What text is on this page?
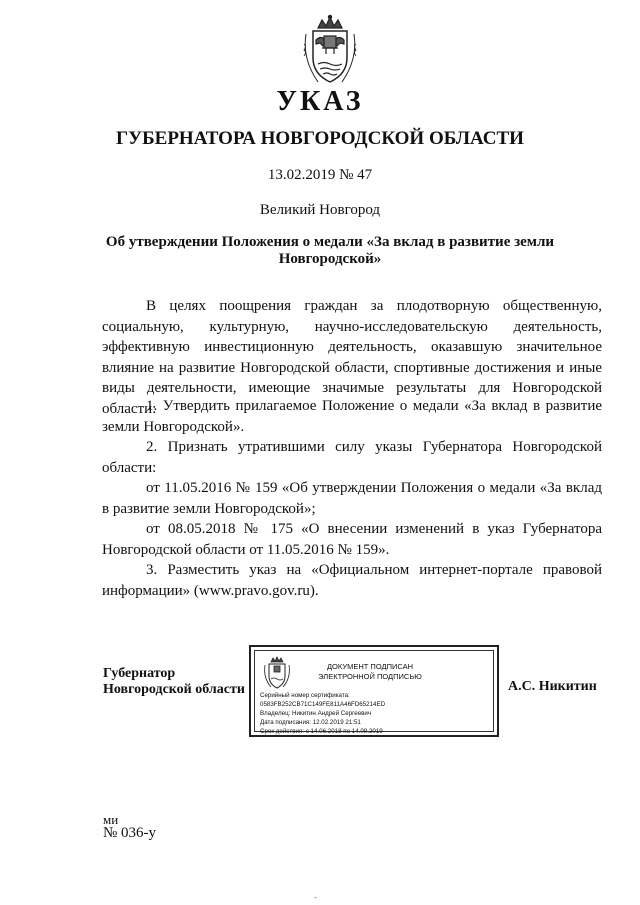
УКАЗ
ГУБЕРНАТОРА НОВГОРОДСКОЙ ОБЛАСТИ
13.02.2019 № 47
Великий Новгород
Об утверждении Положения о медали «За вклад в развитие земли Новгородской»

В целях поощрения граждан за плодотворную общественную, социальную, культурную, научно-исследовательскую деятельность, эффективную инвестиционную деятельность, оказавшую значительное влияние на развитие Новгородской области, спортивные достижения и иные виды деятельности, имеющие значимые результаты для Новгородской области:

1. Утвердить прилагаемое Положение о медали «За вклад в развитие земли Новгородской».

2. Признать утратившими силу указы Губернатора Новгородской области:

от 11.05.2016 № 159 «Об утверждении Положения о медали «За вклад в развитие земли Новгородской»;

от 08.05.2018 № 175 «О внесении изменений в указ Губернатора Новгородской области от 11.05.2016 № 159».

3. Разместить указ на «Официальном интернет-портале правовой информации» (www.pravo.gov.ru).

Губернатор
Новгородской области
ДОКУМЕНТ ПОДПИСАН
ЭЛЕКТРОННОЙ ПОДПИСЬЮ
Серийный номер сертификата:
0583FB252CB71C149FE811A46FD65214ED
Владелец: Никитин Андрей Сергеевич
Дата подписания: 12.02.2019 21:51
Срок действия: с 14.06.2018 по 14.09.2019
А.С. Никитин
ми
№ 036-у
-
